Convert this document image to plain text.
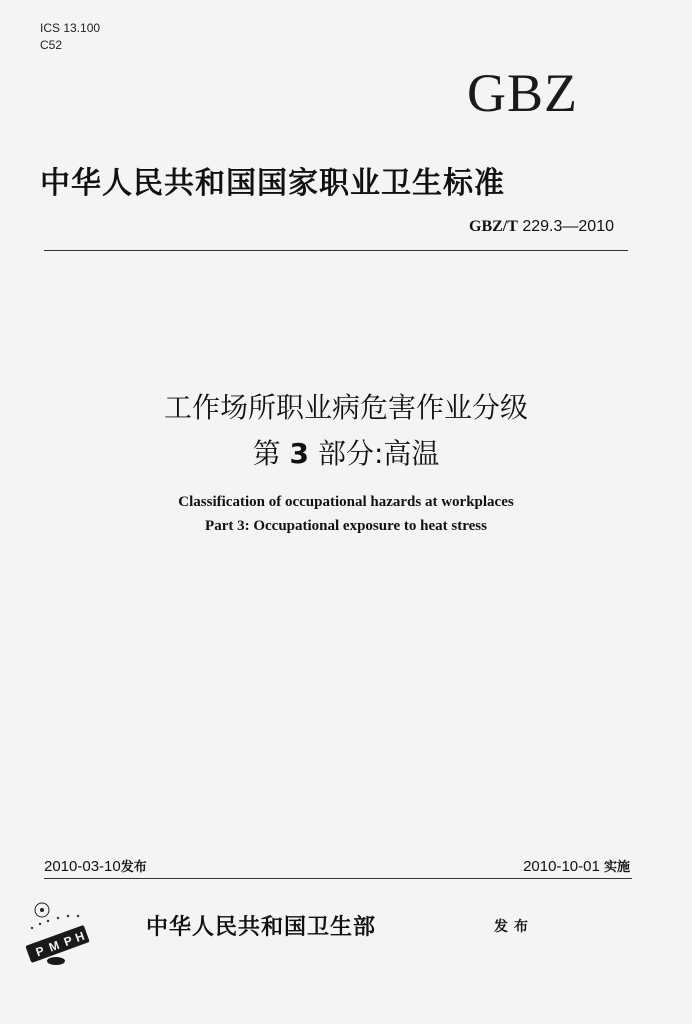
ICS 13.100
C52
GBZ
中华人民共和国国家职业卫生标准
GBZ/T 229.3—2010
工作场所职业病危害作业分级
第 3 部分:高温
Classification of occupational hazards at workplaces
Part 3: Occupational exposure to heat stress
2010-03-10发布	2010-10-01 实施
P M P
H	中华人民共和国卫生部	发布
